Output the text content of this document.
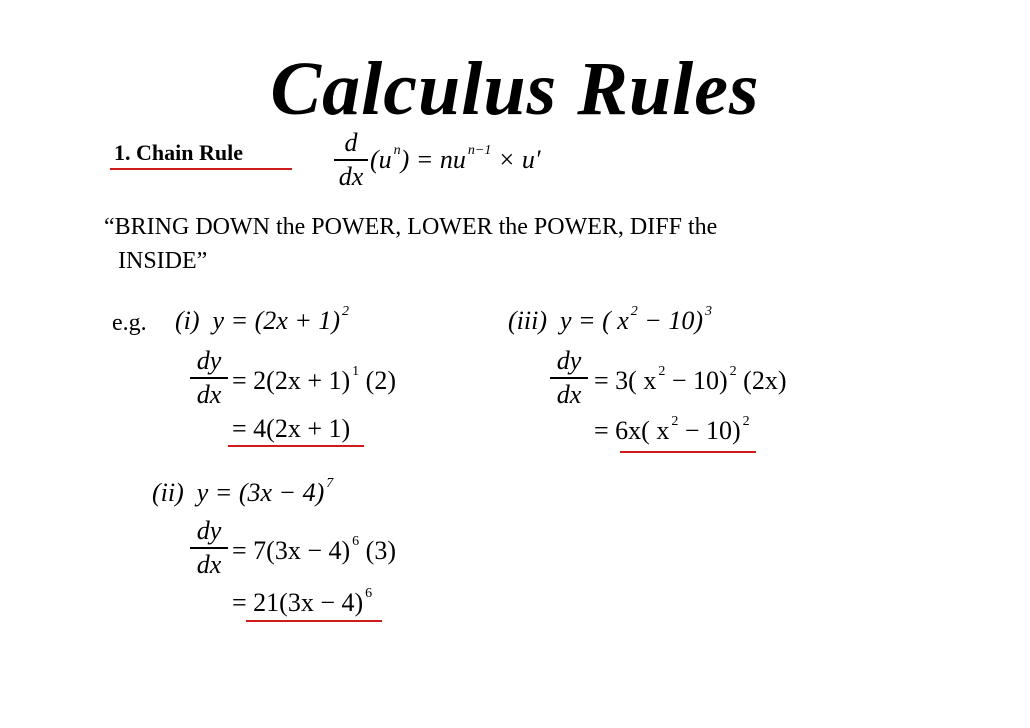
Calculus Rules
1. Chain Rule	d
dx
(u $^n$) = nu $^{n-1}$ × u′
“BRING DOWN the POWER, LOWER the POWER, DIFF the
INSIDE”
e.g. (i) y = (2x + 1) $^2$
dy
dx = 2(2x + 1) $^1$ (2)
= 4(2x + 1)
(ii) y = (3x − 4) $^7$
dy
dx = 7(3x − 4) $^6$ (3)
= 21(3x − 4) $^6$
(iii) y = ( x $^2$ − 10) $^3$
dy
dx = 3( x $^2$ − 10) $^2$ (2x)
= 6x( x $^2$ − 10) $^2$
